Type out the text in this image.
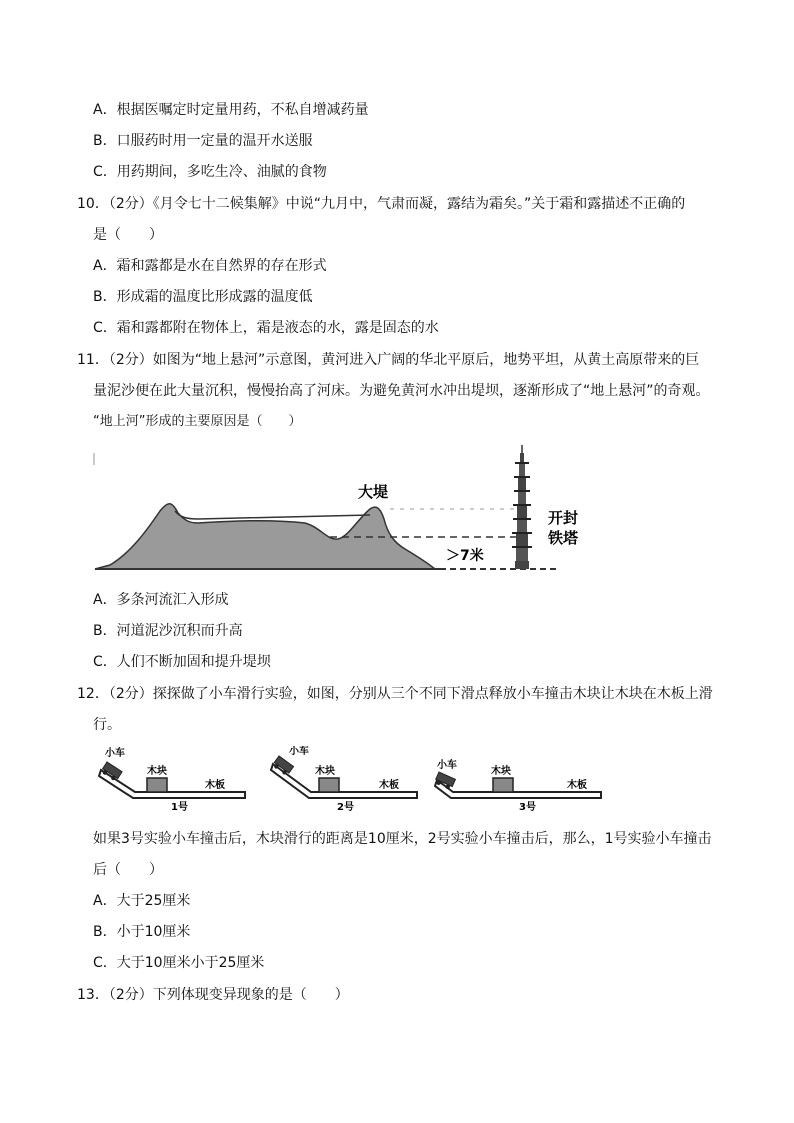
A．根据医嘱定时定量用药，不私自增减药量
B．口服药时用一定量的温开水送服
C．用药期间，多吃生冷、油腻的食物
10．（2分）《月令七十二候集解》中说“九月中，气肃而凝，露结为霜矣。”关于霜和露描述不正确的
是（　　）
A．霜和露都是水在自然界的存在形式
B．形成霜的温度比形成露的温度低
C．霜和露都附在物体上，霜是液态的水，露是固态的水
11．（2分）如图为“地上悬河”示意图，黄河进入广阔的华北平原后，地势平坦，从黄土高原带来的巨
量泥沙便在此大量沉积，慢慢抬高了河床。为避免黄河水冲出堤坝，逐渐形成了“地上悬河”的奇观。
“地上河”形成的主要原因是（　　）
大堤
开封
铁塔
＞7米
A．多条河流汇入形成
B．河道泥沙沉积而升高
C．人们不断加固和提升堤坝
12．（2分）探探做了小车滑行实验，如图，分别从三个不同下滑点释放小车撞击木块让木块在木板上滑
行。
小车
木块
木板
1号
小车
木块
木板
2号
小车
木块
木板
3号
如果3号实验小车撞击后，木块滑行的距离是10厘米，2号实验小车撞击后，那么，1号实验小车撞击
后（　　）
A．大于25厘米
B．小于10厘米
C．大于10厘米小于25厘米
13．（2分）下列体现变异现象的是（　　）
